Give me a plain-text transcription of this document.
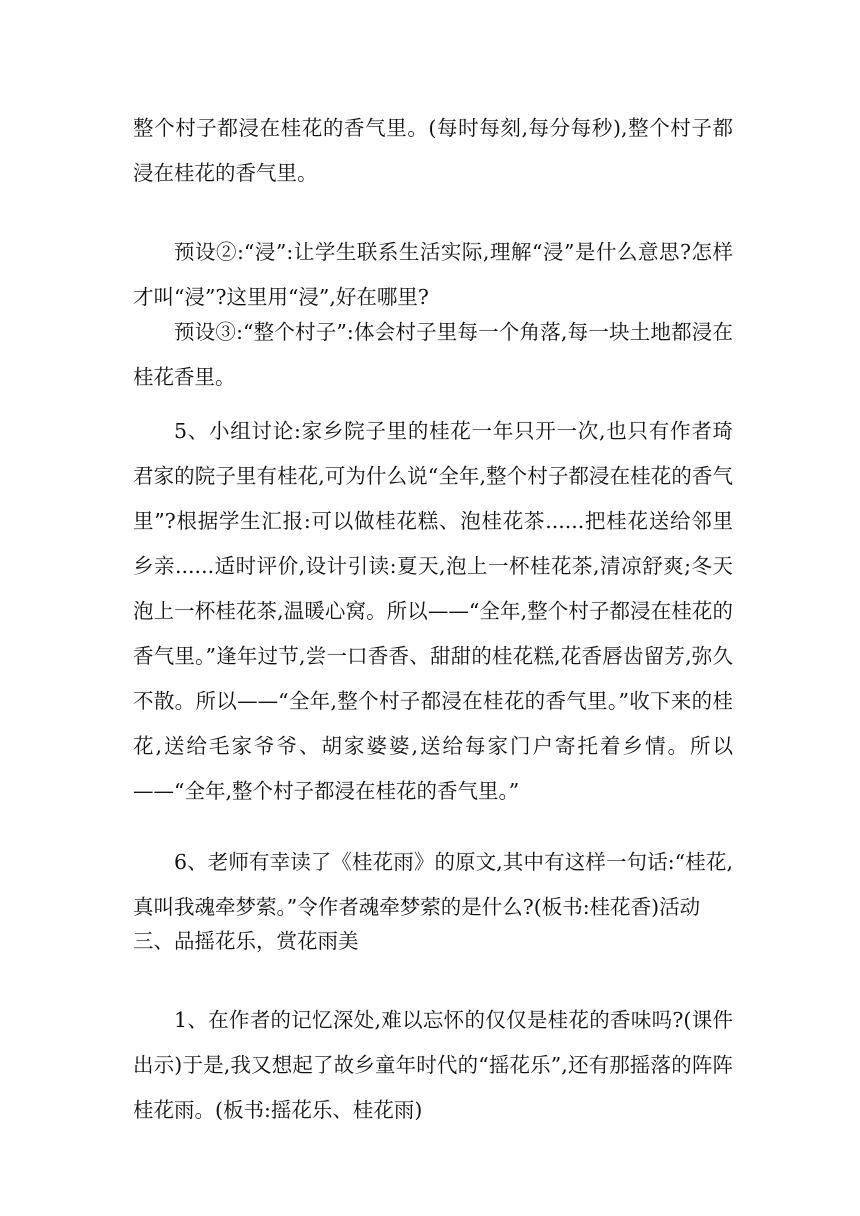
整个村子都浸在桂花的香气里。(每时每刻,每分每秒),整个村子都浸在桂花的香气里。

预设②:“浸”:让学生联系生活实际,理解“浸”是什么意思?怎样才叫“浸”?这里用“浸”,好在哪里?

预设③:“整个村子”:体会村子里每一个角落,每一块土地都浸在桂花香里。

5、小组讨论:家乡院子里的桂花一年只开一次,也只有作者琦君家的院子里有桂花,可为什么说“全年,整个村子都浸在桂花的香气里”?根据学生汇报:可以做桂花糕、泡桂花茶......把桂花送给邻里乡亲......适时评价,设计引读:夏天,泡上一杯桂花茶,清凉舒爽;冬天泡上一杯桂花茶,温暖心窝。所以——“全年,整个村子都浸在桂花的香气里。”逢年过节,尝一口香香、甜甜的桂花糕,花香唇齿留芳,弥久不散。所以——“全年,整个村子都浸在桂花的香气里。”收下来的桂花,送给毛家爷爷、胡家婆婆,送给每家门户寄托着乡情。所以——“全年,整个村子都浸在桂花的香气里。”

6、老师有幸读了《桂花雨》的原文,其中有这样一句话:“桂花,真叫我魂牵梦萦。”令作者魂牵梦萦的是什么?(板书:桂花香)活动

三、品摇花乐，赏花雨美

1、在作者的记忆深处,难以忘怀的仅仅是桂花的香味吗?(课件出示)于是,我又想起了故乡童年时代的“摇花乐”,还有那摇落的阵阵桂花雨。(板书:摇花乐、桂花雨)
